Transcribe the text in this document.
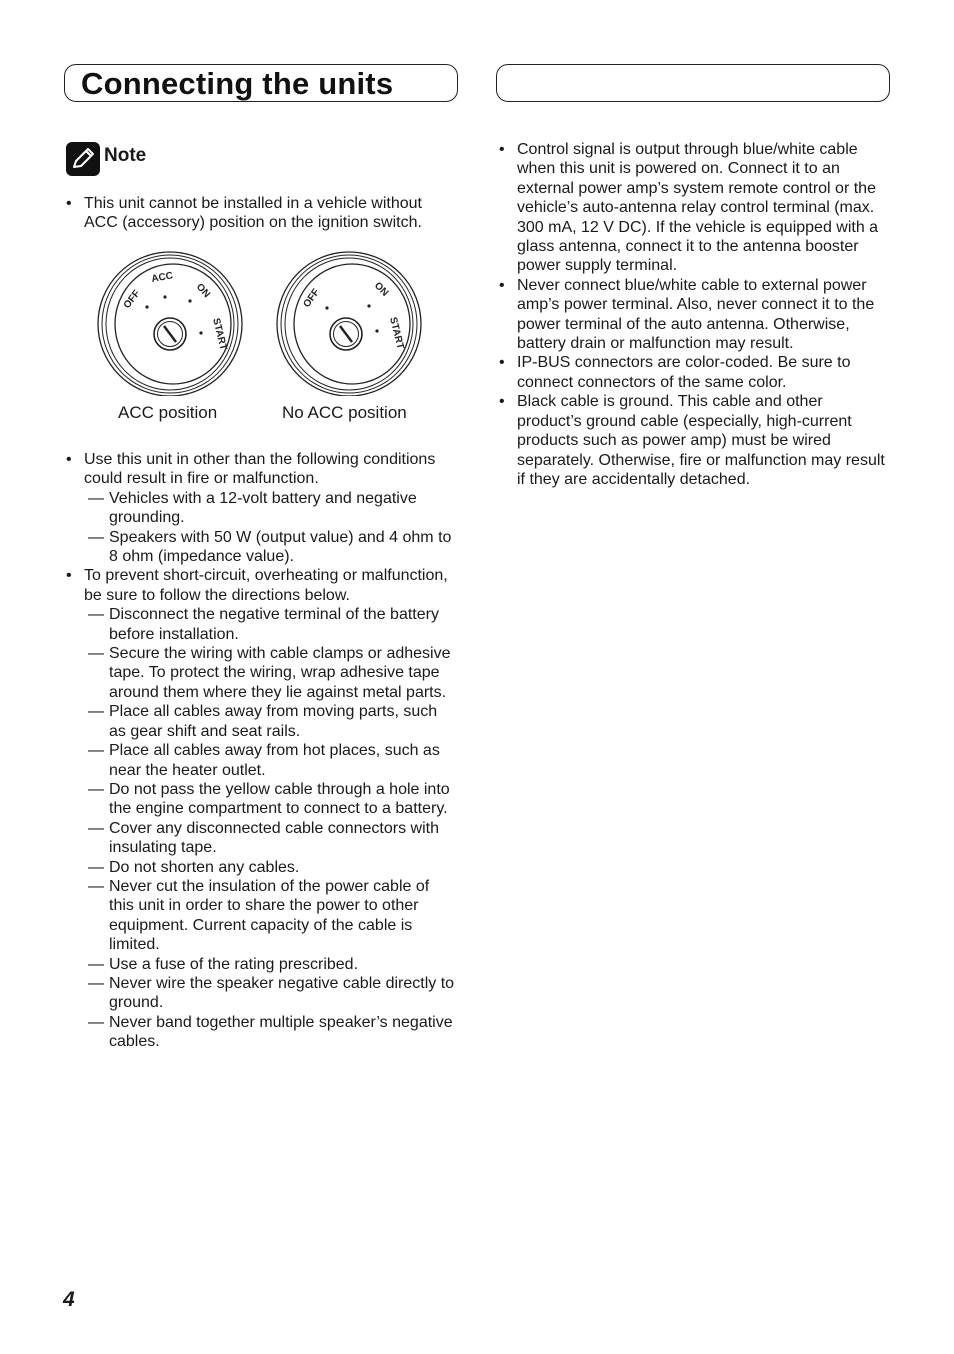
Connecting the units
Note
• This unit cannot be installed in a vehicle without ACC (accessory) position on the ignition switch.
OFF
ACC
ON
START
OFF	ON
START
ACC position	No ACC position
• Use this unit in other than the following conditions could result in fire or malfunction.
— Vehicles with a 12-volt battery and negative grounding.
— Speakers with 50 W (output value) and 4 ohm to 8 ohm (impedance value).
• To prevent short-circuit, overheating or malfunction, be sure to follow the directions below.
— Disconnect the negative terminal of the battery before installation.
— Secure the wiring with cable clamps or adhesive tape. To protect the wiring, wrap adhesive tape around them where they lie against metal parts.
— Place all cables away from moving parts, such as gear shift and seat rails.
— Place all cables away from hot places, such as near the heater outlet.
— Do not pass the yellow cable through a hole into the engine compartment to connect to a battery.
— Cover any disconnected cable connectors with insulating tape.
— Do not shorten any cables.
— Never cut the insulation of the power cable of this unit in order to share the power to other equipment. Current capacity of the cable is limited.
— Use a fuse of the rating prescribed.
— Never wire the speaker negative cable directly to ground.
— Never band together multiple speaker’s negative cables.
• Control signal is output through blue/white cable when this unit is powered on. Connect it to an external power amp’s system remote control or the vehicle’s auto-antenna relay control terminal (max. 300 mA, 12 V DC). If the vehicle is equipped with a glass antenna, connect it to the antenna booster power supply terminal.
• Never connect blue/white cable to external power amp’s power terminal. Also, never connect it to the power terminal of the auto antenna. Otherwise, battery drain or malfunction may result.
• IP-BUS connectors are color-coded. Be sure to connect connectors of the same color.
• Black cable is ground. This cable and other product’s ground cable (especially, high-current products such as power amp) must be wired separately. Otherwise, fire or malfunction may result if they are accidentally detached.
4
